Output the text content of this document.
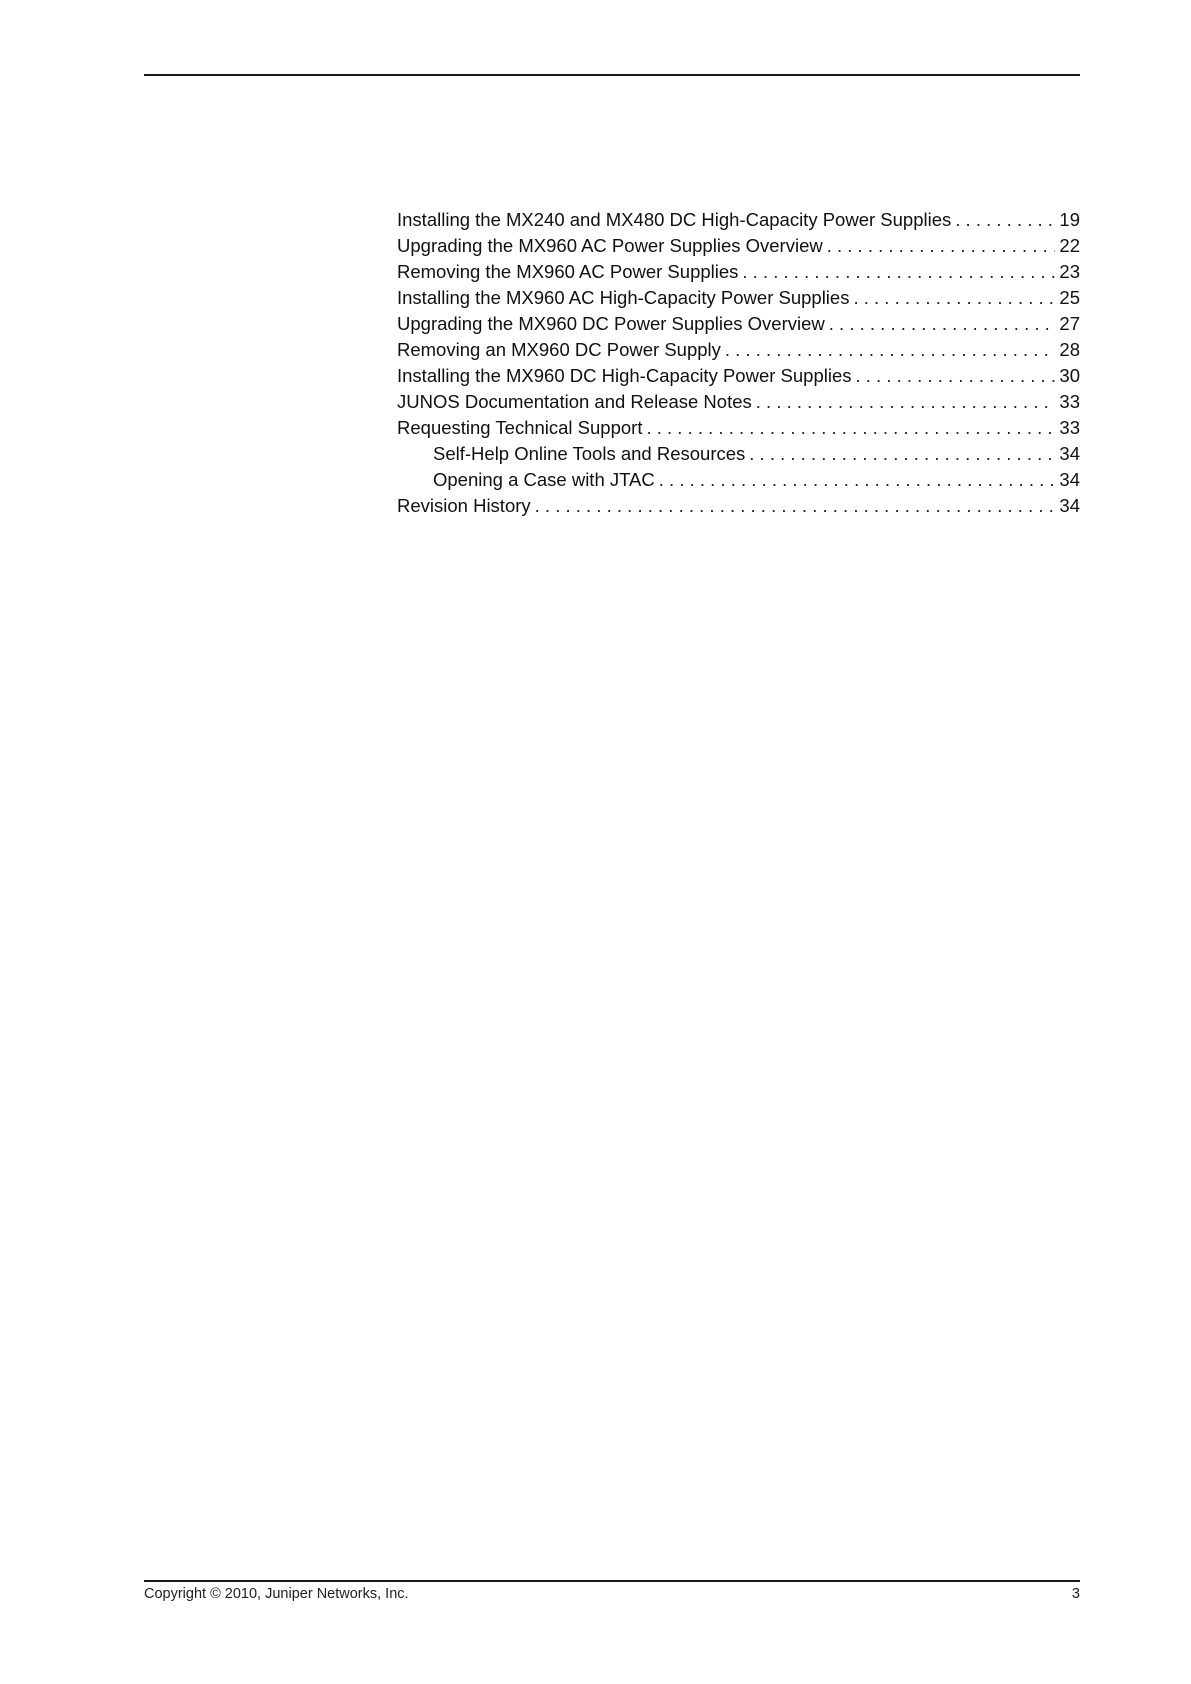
Installing the MX240 and MX480 DC High-Capacity Power Supplies . . .	19
Upgrading the MX960 AC Power Supplies Overview . . .	22
Removing the MX960 AC Power Supplies . . .	23
Installing the MX960 AC High-Capacity Power Supplies . . .	25
Upgrading the MX960 DC Power Supplies Overview . . .	27
Removing an MX960 DC Power Supply . . .	28
Installing the MX960 DC High-Capacity Power Supplies . . .	30
JUNOS Documentation and Release Notes . . .	33
Requesting Technical Support . . .	33
Self-Help Online Tools and Resources . . .	34
Opening a Case with JTAC . . .	34
Revision History . . .	34
Copyright © 2010, Juniper Networks, Inc.	3
